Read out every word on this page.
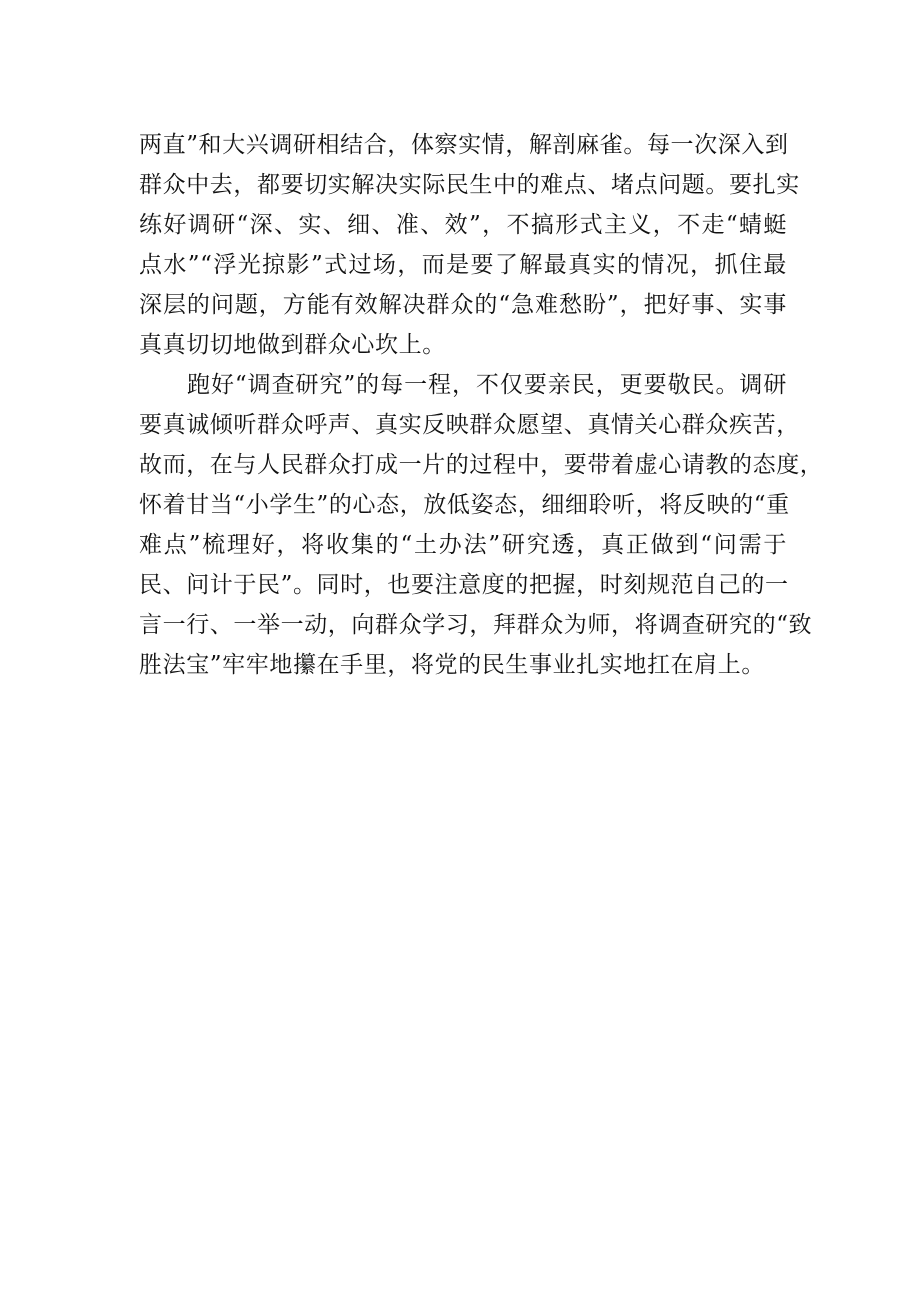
两直”和大兴调研相结合，体察实情，解剖麻雀。每一次深入到
群众中去，都要切实解决实际民生中的难点、堵点问题。要扎实
练好调研“深、实、细、准、效”，不搞形式主义，不走“蜻蜓
点水”“浮光掠影”式过场，而是要了解最真实的情况，抓住最
深层的问题，方能有效解决群众的“急难愁盼”，把好事、实事
真真切切地做到群众心坎上。
跑好“调查研究”的每一程，不仅要亲民，更要敬民。调研
要真诚倾听群众呼声、真实反映群众愿望、真情关心群众疾苦，
故而，在与人民群众打成一片的过程中，要带着虚心请教的态度，
怀着甘当“小学生”的心态，放低姿态，细细聆听，将反映的“重
难点”梳理好，将收集的“土办法”研究透，真正做到“问需于
民、问计于民”。同时，也要注意度的把握，时刻规范自己的一
言一行、一举一动，向群众学习，拜群众为师，将调查研究的“致
胜法宝”牢牢地攥在手里，将党的民生事业扎实地扛在肩上。
